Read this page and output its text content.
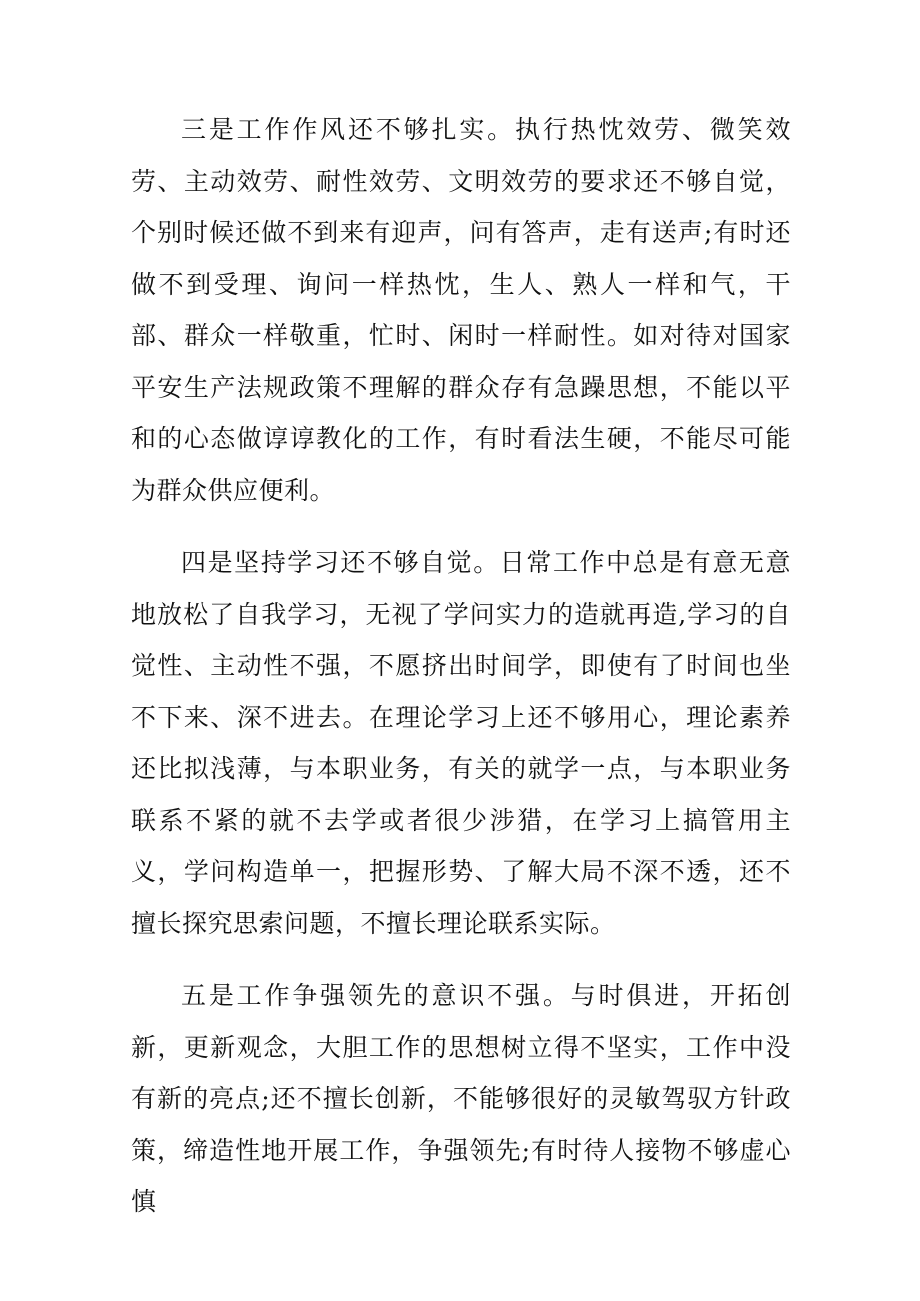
三是工作作风还不够扎实。执行热忱效劳、微笑效劳、主动效劳、耐性效劳、文明效劳的要求还不够自觉，个别时候还做不到来有迎声，问有答声，走有送声;有时还做不到受理、询问一样热忱，生人、熟人一样和气，干部、群众一样敬重，忙时、闲时一样耐性。如对待对国家平安生产法规政策不理解的群众存有急躁思想，不能以平和的心态做谆谆教化的工作，有时看法生硬，不能尽可能为群众供应便利。

四是坚持学习还不够自觉。日常工作中总是有意无意地放松了自我学习，无视了学问实力的造就再造,学习的自觉性、主动性不强，不愿挤出时间学，即使有了时间也坐不下来、深不进去。在理论学习上还不够用心，理论素养还比拟浅薄，与本职业务，有关的就学一点，与本职业务联系不紧的就不去学或者很少涉猎，在学习上搞管用主义，学问构造单一，把握形势、了解大局不深不透，还不擅长探究思索问题，不擅长理论联系实际。

五是工作争强领先的意识不强。与时俱进，开拓创新，更新观念，大胆工作的思想树立得不坚实，工作中没有新的亮点;还不擅长创新，不能够很好的灵敏驾驭方针政策，缔造性地开展工作，争强领先;有时待人接物不够虚心慎
